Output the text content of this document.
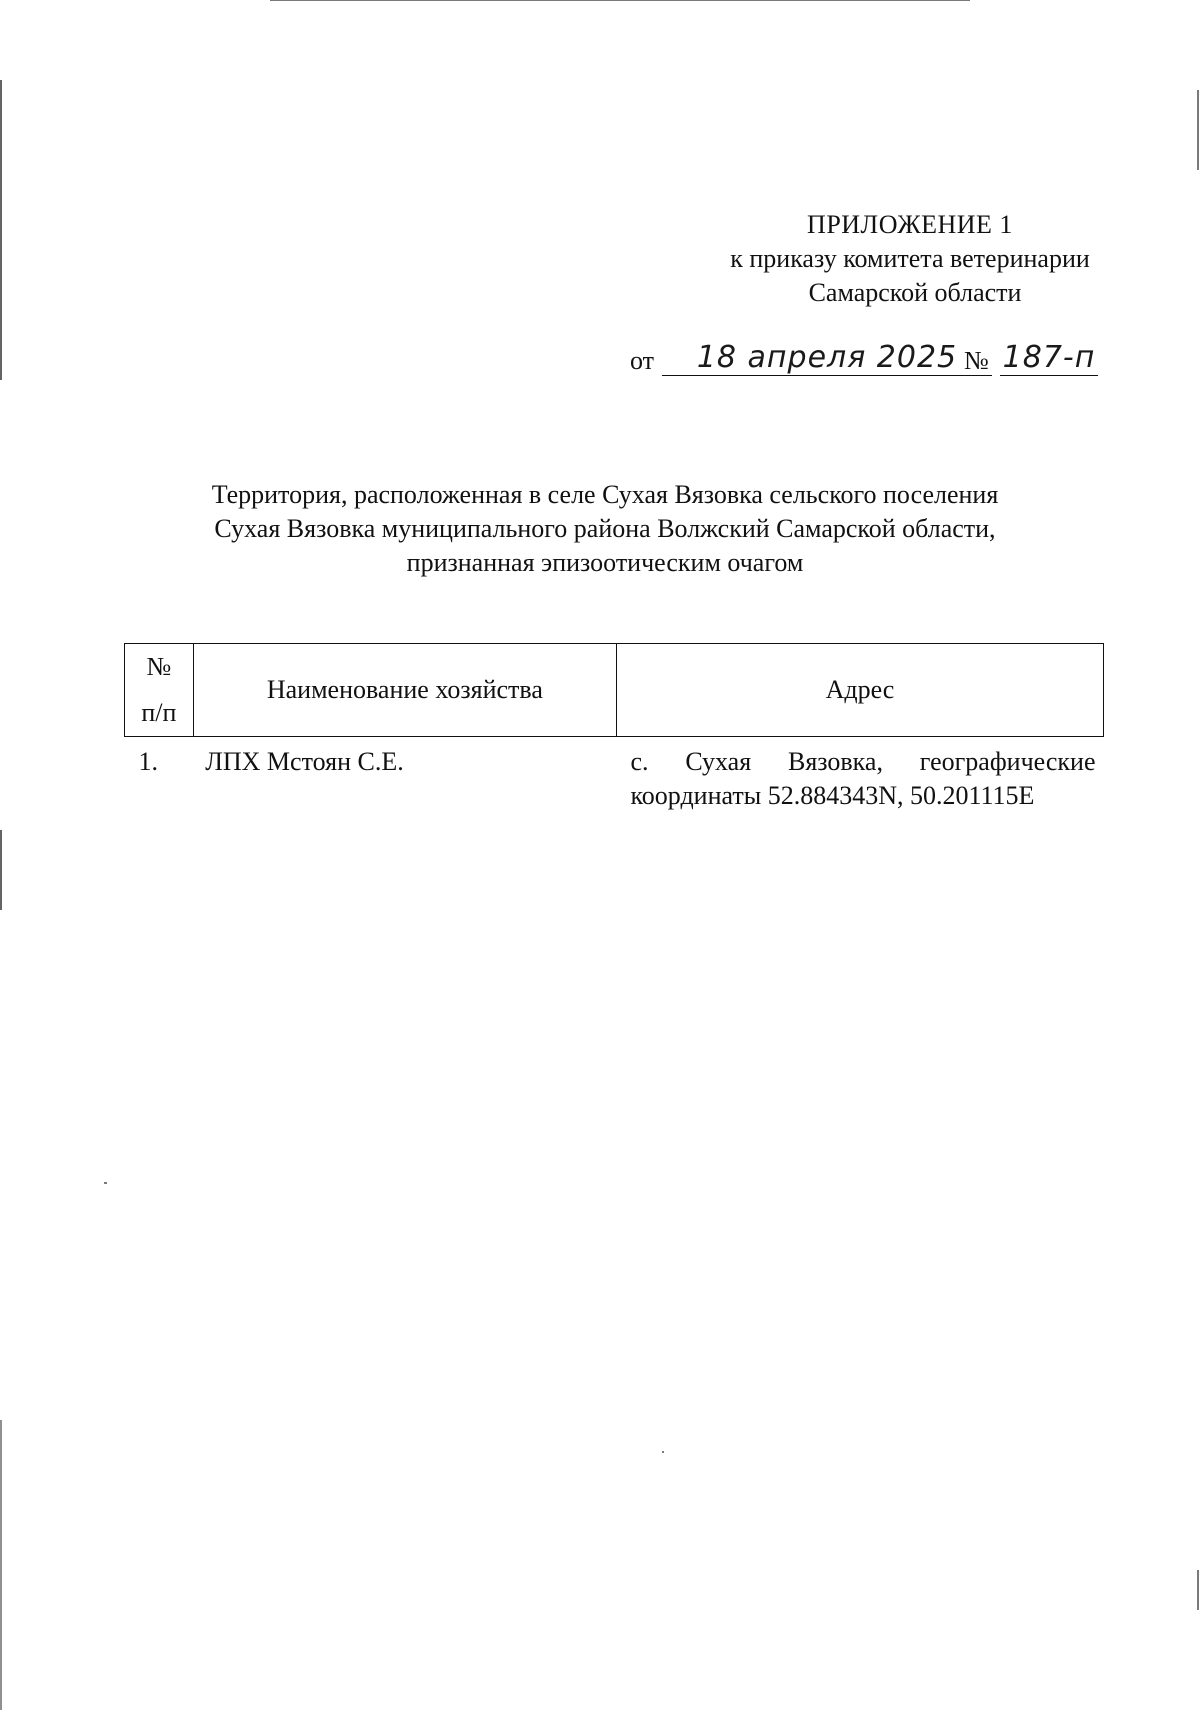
ПРИЛОЖЕНИЕ 1
к приказу комитета ветеринарии
Самарской области
от	18 апреля 2025 № 187-п
Территория, расположенная в селе Сухая Вязовка сельского поселения
Сухая Вязовка муниципального района Волжский Самарской области,
признанная эпизоотическим очагом
№
п/п	Наименование хозяйства	Адрес
1.	ЛПХ Мстоян С.Е.	с. Сухая Вязовка, географические
координаты 52.884343N, 50.201115E
